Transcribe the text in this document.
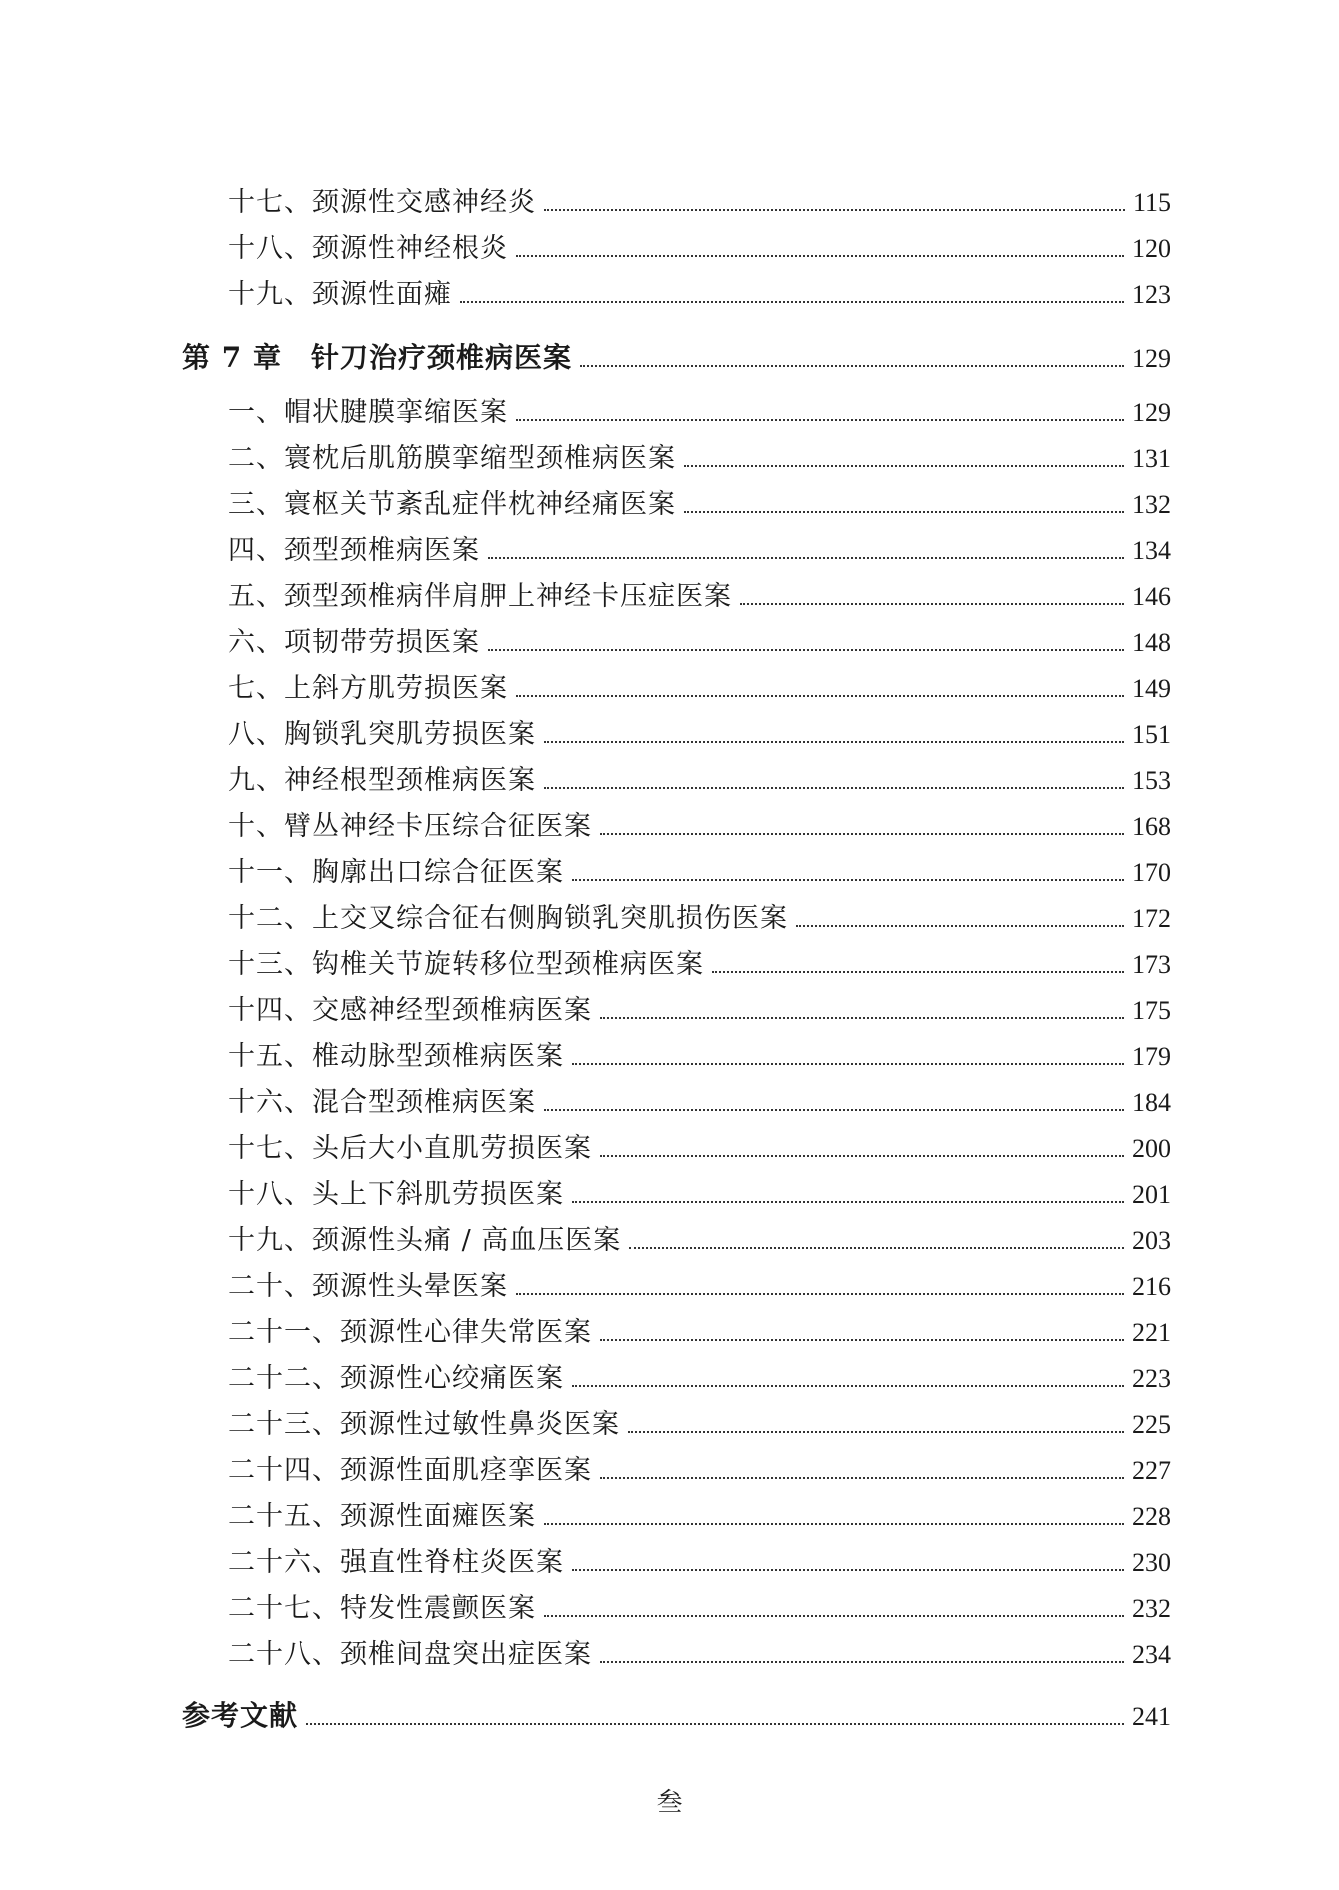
十七、颈源性交感神经炎	115
十八、颈源性神经根炎	120
十九、颈源性面瘫	123
第 7 章　针刀治疗颈椎病医案	129
一、帽状腱膜挛缩医案	129
二、寰枕后肌筋膜挛缩型颈椎病医案	131
三、寰枢关节紊乱症伴枕神经痛医案	132
四、颈型颈椎病医案	134
五、颈型颈椎病伴肩胛上神经卡压症医案	146
六、项韧带劳损医案	148
七、上斜方肌劳损医案	149
八、胸锁乳突肌劳损医案	151
九、神经根型颈椎病医案	153
十、臂丛神经卡压综合征医案	168
十一、胸廓出口综合征医案	170
十二、上交叉综合征右侧胸锁乳突肌损伤医案	172
十三、钩椎关节旋转移位型颈椎病医案	173
十四、交感神经型颈椎病医案	175
十五、椎动脉型颈椎病医案	179
十六、混合型颈椎病医案	184
十七、头后大小直肌劳损医案	200
十八、头上下斜肌劳损医案	201
十九、颈源性头痛 / 高血压医案	203
二十、颈源性头晕医案	216
二十一、颈源性心律失常医案	221
二十二、颈源性心绞痛医案	223
二十三、颈源性过敏性鼻炎医案	225
二十四、颈源性面肌痉挛医案	227
二十五、颈源性面瘫医案	228
二十六、强直性脊柱炎医案	230
二十七、特发性震颤医案	232
二十八、颈椎间盘突出症医案	234
参考文献	241
叁
